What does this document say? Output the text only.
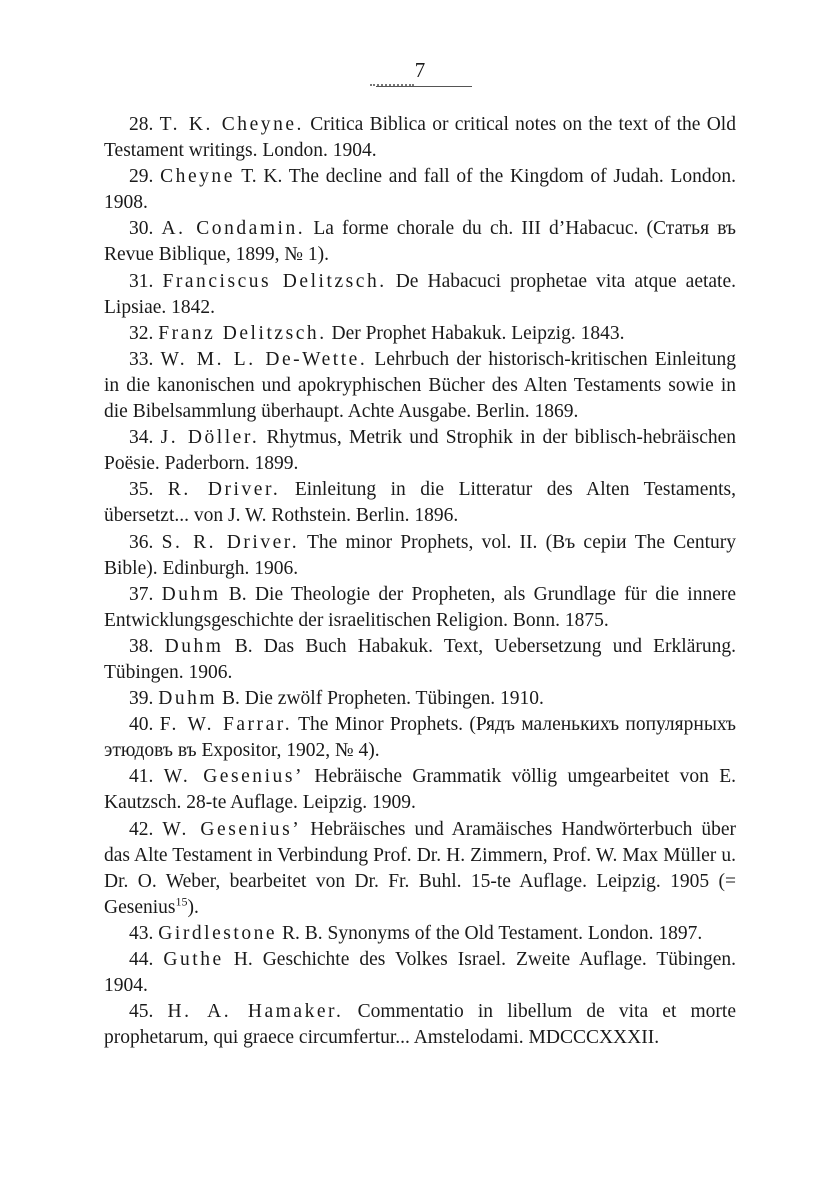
7

28. T. K. Cheyne. Critica Biblica or critical notes on the text of the Old Testament writings. London. 1904.

29. Cheyne T. K. The decline and fall of the Kingdom of Judah. London. 1908.

30. A. Condamin. La forme chorale du ch. III d’Habacuc. (Статья въ Revue Biblique, 1899, № 1).

31. Franciscus Delitzsch. De Habacuci prophetae vita atque aetate. Lipsiae. 1842.

32. Franz Delitzsch. Der Prophet Habakuk. Leipzig. 1843.

33. W. M. L. De-Wette. Lehrbuch der historisch-kritischen Einleitung in die kanonischen und apokryphischen Bücher des Alten Testaments sowie in die Bibelsammlung überhaupt. Achte Ausgabe. Berlin. 1869.

34. J. Döller. Rhytmus, Metrik und Strophik in der biblisch-hebräischen Poësie. Paderborn. 1899.

35. R. Driver. Einleitung in die Litteratur des Alten Testaments, übersetzt... von J. W. Rothstein. Berlin. 1896.

36. S. R. Driver. The minor Prophets, vol. II. (Въ серіи The Century Bible). Edinburgh. 1906.

37. Duhm B. Die Theologie der Propheten, als Grundlage für die innere Entwicklungsgeschichte der israelitischen Religion. Bonn. 1875.

38. Duhm B. Das Buch Habakuk. Text, Uebersetzung und Erklärung. Tübingen. 1906.

39. Duhm B. Die zwölf Propheten. Tübingen. 1910.

40. F. W. Farrar. The Minor Prophets. (Рядъ маленькихъ популярныхъ этюдовъ въ Expositor, 1902, № 4).

41. W. Gesenius’ Hebräische Grammatik völlig umgearbeitet von E. Kautzsch. 28-te Auflage. Leipzig. 1909.

42. W. Gesenius’ Hebräisches und Aramäisches Handwörterbuch über das Alte Testament in Verbindung Prof. Dr. H. Zimmern, Prof. W. Max Müller u. Dr. O. Weber, bearbeitet von Dr. Fr. Buhl. 15-te Auflage. Leipzig. 1905 (= Gesenius$^{15}$).

43. Girdlestone R. B. Synonyms of the Old Testament. London. 1897.

44. Guthe H. Geschichte des Volkes Israel. Zweite Auflage. Tübingen. 1904.

45. H. A. Hamaker. Commentatio in libellum de vita et morte prophetarum, qui graece circumfertur... Amstelodami. MDCCCXXXII.
